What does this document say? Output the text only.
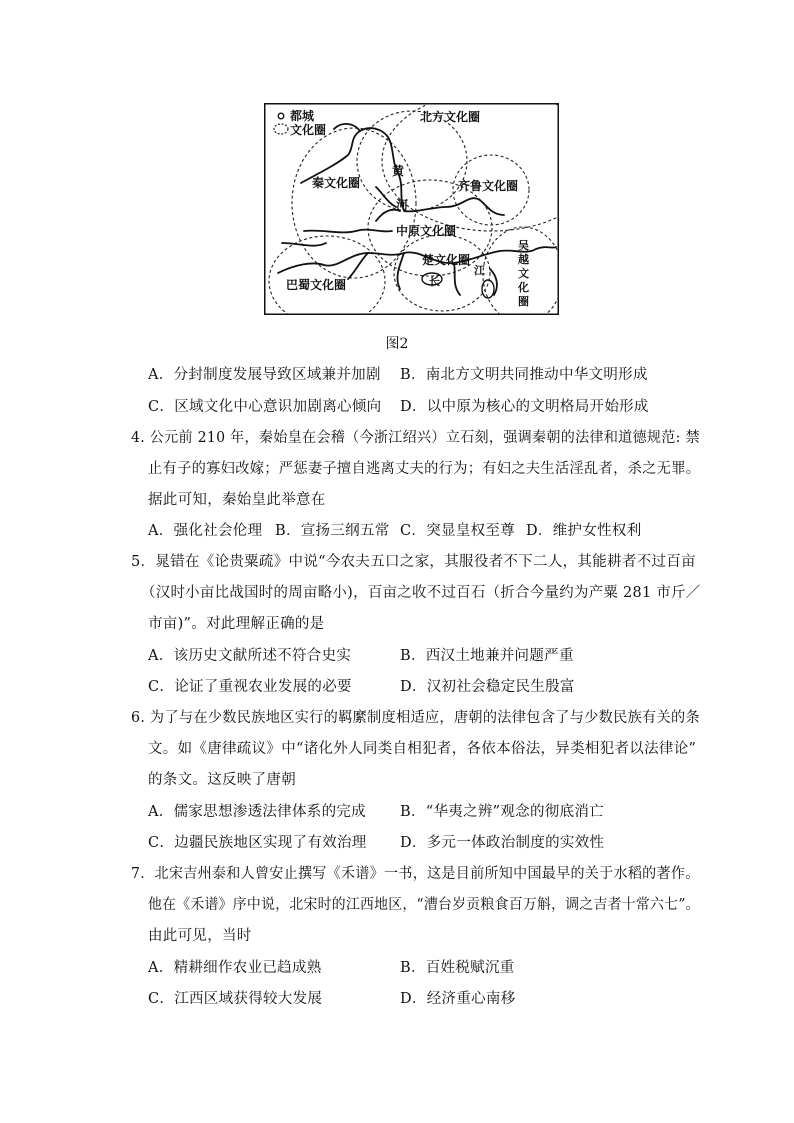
都城
文化圈
北方文化圈
秦文化圈
黄
河
齐鲁文化圈
中原文化圈
楚文化圈
江
长
巴蜀文化圈
吴
越
文
化
圈
图2
A．分封制度发展导致区域兼并加剧 B．南北方文明共同推动中华文明形成
C．区域文化中心意识加剧离心倾向 D．以中原为核心的文明格局开始形成
4. 公元前 210 年，秦始皇在会稽（今浙江绍兴）立石刻，强调秦朝的法律和道德规范: 禁
止有子的寡妇改嫁；严惩妻子擅自逃离丈夫的行为；有妇之夫生活淫乱者，杀之无罪。
据此可知，秦始皇此举意在
A．强化社会伦理 B．宣扬三纲五常 C．突显皇权至尊 D．维护女性权利
5．晁错在《论贵粟疏》中说“今农夫五口之家，其服役者不下二人，其能耕者不过百亩
（汉时小亩比战国时的周亩略小)，百亩之收不过百石（折合今量约为产粟 281 市斤／
市亩)”。对此理解正确的是
A．该历史文献所述不符合史实	B．西汉土地兼并问题严重
C．论证了重视农业发展的必要	D．汉初社会稳定民生殷富
6. 为了与在少数民族地区实行的羁縻制度相适应，唐朝的法律包含了与少数民族有关的条
文。如《唐律疏议》中“诸化外人同类自相犯者，各依本俗法，异类相犯者以法律论”
的条文。这反映了唐朝
A．儒家思想渗透法律体系的完成 B．“华夷之辨”观念的彻底消亡
C．边疆民族地区实现了有效治理 D．多元一体政治制度的实效性
7．北宋吉州泰和人曾安止撰写《禾谱》一书，这是目前所知中国最早的关于水稻的著作。
他在《禾谱》序中说，北宋时的江西地区，“漕台岁贡粮食百万斛，调之吉者十常六七”。
由此可见，当时
A．精耕细作农业已趋成熟	B．百姓税赋沉重
C．江西区域获得较大发展	D．经济重心南移
